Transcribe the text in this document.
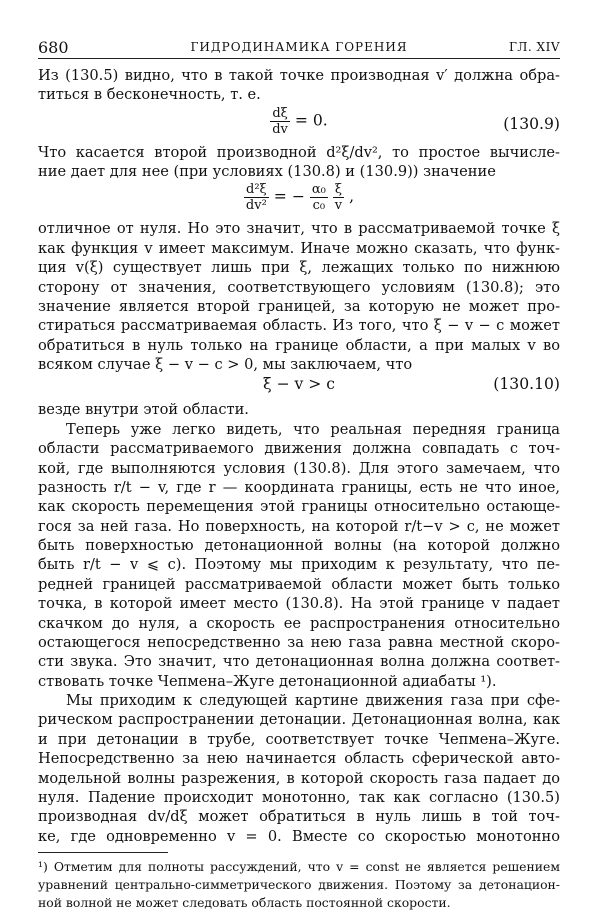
680	ГИДРОДИНАМИКА ГОРЕНИЯ	ГЛ. XIV
Из (130.5) видно, что в такой точке производная v′ должна обра-
титься в бесконечность, т. е.
$\frac{d\xi}{dv} = 0$.	(130.9)
Что касается второй производной d²ξ/dv², то простое вычисле-
ние дает для нее (при условиях (130.8) и (130.9)) значение
$\frac{\text{d²ξ}}{\text{dv²}}$ = − $\frac{\text{α₀}}{\text{c₀}}$
$\frac{\xi}{v}$ ,
отличное от нуля. Но это значит, что в рассматриваемой точке ξ
как функция v имеет максимум. Иначе можно сказать, что функ-
ция v(ξ) существует лишь при ξ, лежащих только по нижнюю
сторону от значения, соответствующего условиям (130.8); это
значение является второй границей, за которую не может про-
стираться рассматриваемая область. Из того, что ξ − v − c может
обратиться в нуль только на границе области, а при малых v во
всяком случае ξ − v − c > 0, мы заключаем, что
ξ − v > c	(130.10)
везде внутри этой области.
Теперь уже легко видеть, что реальная передняя граница
области рассматриваемого движения должна совпадать с точ-
кой, где выполняются условия (130.8). Для этого замечаем, что
разность r/t − v, где r — координата границы, есть не что иное,
как скорость перемещения этой границы относительно остающе-
гося за ней газа. Но поверхность, на которой r/t−v > c, не может
быть поверхностью детонационной волны (на которой должно
быть r/t − v ⩽ c). Поэтому мы приходим к результату, что пе-
редней границей рассматриваемой области может быть только
точка, в которой имеет место (130.8). На этой границе v падает
скачком до нуля, а скорость ее распространения относительно
остающегося непосредственно за нею газа равна местной скоро-
сти звука. Это значит, что детонационная волна должна соответ-
ствовать точке Чепмена–Жуге детонационной адиабаты ¹).
Мы приходим к следующей картине движения газа при сфе-
рическом распространении детонации. Детонационная волна, как
¹) Отметим для полноты рассуждений, что v = const не является решением
уравнений центрально-симметрического движения. Поэтому за детонацион-
ной волной не может следовать область постоянной скорости.
и при детонации в трубе, соответствует точке Чепмена–Жуге.
Непосредственно за нею начинается область сферической авто-
модельной волны разрежения, в которой скорость газа падает до
нуля. Падение происходит монотонно, так как согласно (130.5)
производная dv/dξ может обратиться в нуль лишь в той точ-
ке, где одновременно v = 0. Вместе со скоростью монотонно
